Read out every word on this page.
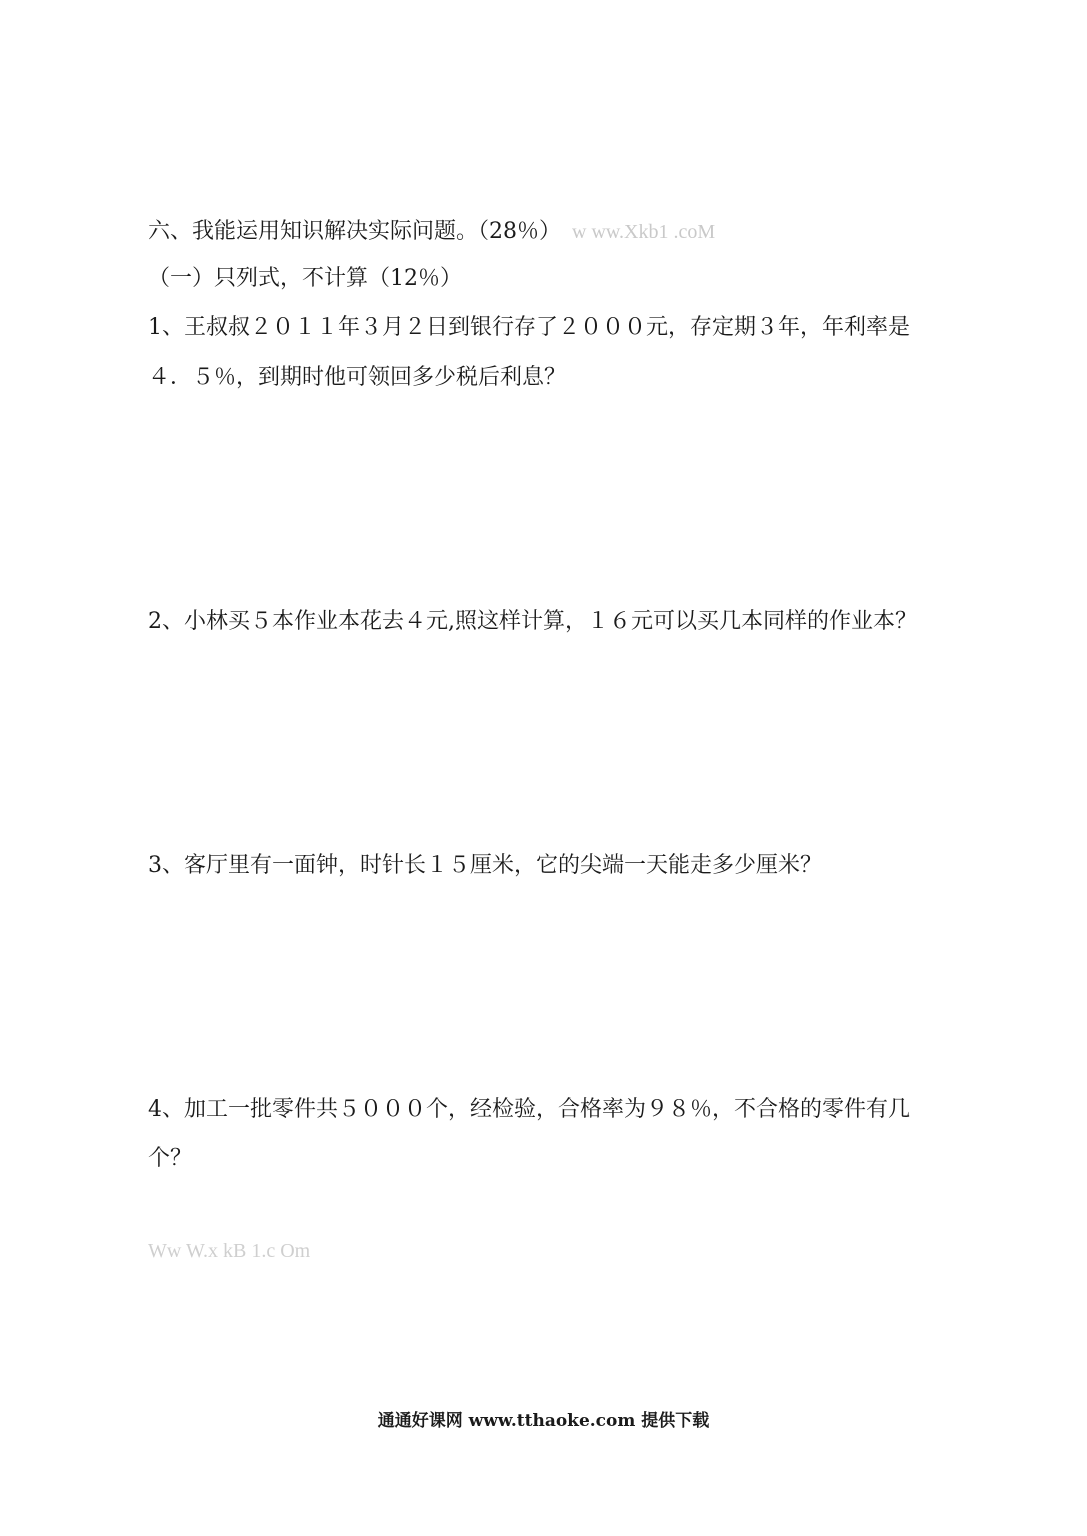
六、我能运用知识解决实际问题。（28％） w ww.Xkb1 .coM
（一）只列式，不计算（12％）
1、王叔叔２０１１年３月２日到银行存了２０００元，存定期３年，年利率是
４．５％，到期时他可领回多少税后利息？
2、小林买５本作业本花去４元,照这样计算，１６元可以买几本同样的作业本？
3、客厅里有一面钟，时针长１５厘米，它的尖端一天能走多少厘米？
4、加工一批零件共５０００个，经检验，合格率为９８％，不合格的零件有几
个？
Ww W.x kB 1.c Om
通通好课网 www.tthaoke.com 提供下载
